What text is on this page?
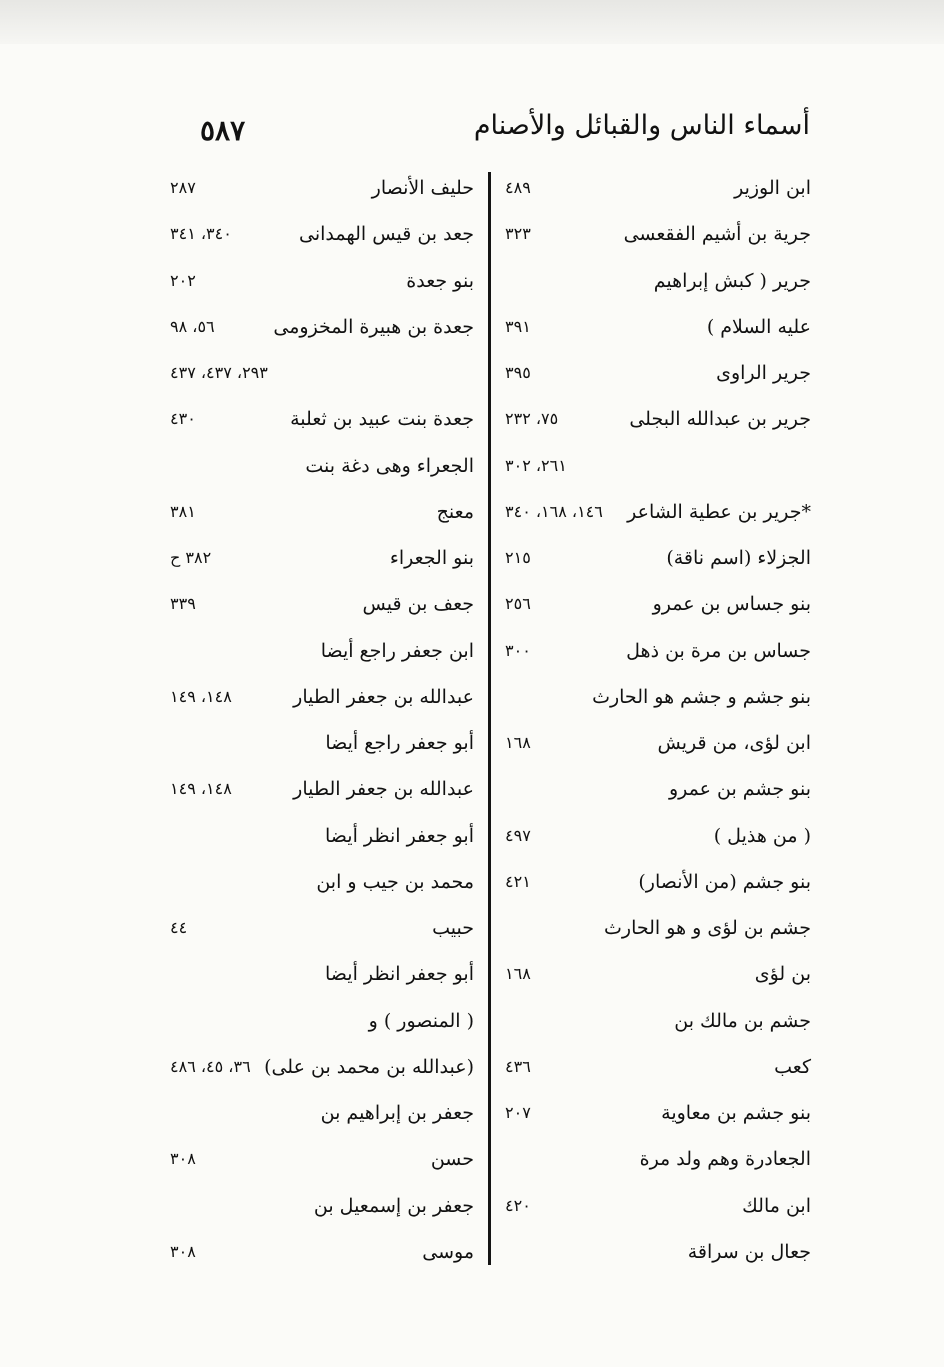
أسماء الناس والقبائل والأصنام
٥٨٧
ابن الوزير
٤٨٩
جرية بن أشيم الفقعسى
٣٢٣
جرير ( كبش إبراهيم
عليه السلام )
٣٩١
جرير الراوى
٣٩٥
جرير بن عبدالله البجلى
٧٥، ٢٣٢
٢٦١، ٣٠٢
*جرير بن عطية الشاعر
١٤٦، ١٦٨، ٣٤٠
الجزلاء (اسم ناقة)
٢١٥
بنو جساس بن عمرو
٢٥٦
جساس بن مرة بن ذهل
٣٠٠
بنو جشم و جشم هو الحارث
ابن لؤى، من قريش
١٦٨
بنو جشم بن عمرو
( من هذيل )
٤٩٧
بنو جشم (من الأنصار)
٤٢١
جشم بن لؤى و هو الحارث
بن لؤى
١٦٨
جشم بن مالك بن
كعب
٤٣٦
بنو جشم بن معاوية
٢٠٧
الجعادرة وهم ولد مرة
ابن مالك
٤٢٠
جعال بن سراقة
حليف الأنصار
٢٨٧
جعد بن قيس الهمدانى
٣٤٠، ٣٤١
بنو جعدة
٢٠٢
جعدة بن هبيرة المخزومى
٥٦، ٩٨
٢٩٣، ٤٣٧، ٤٣٧
جعدة بنت عبيد بن ثعلبة
٤٣٠
الجعراء وهى دغة بنت
معنج
٣٨١
بنو الجعراء
٣٨٢ ح
جعف بن قيس
٣٣٩
ابن جعفر راجع أيضا
عبدالله بن جعفر الطيار
١٤٨، ١٤٩
أبو جعفر راجع أيضا
عبدالله بن جعفر الطيار
١٤٨، ١٤٩
أبو جعفر انظر أيضا
محمد بن جيب و ابن
حبيب
٤٤
أبو جعفر انظر أيضا
( المنصور ) و
(عبدالله بن محمد بن على)
٣٦، ٤٥، ٤٨٦
جعفر بن إبراهيم بن
حسن
٣٠٨
جعفر بن إسمعيل بن
موسى
٣٠٨
